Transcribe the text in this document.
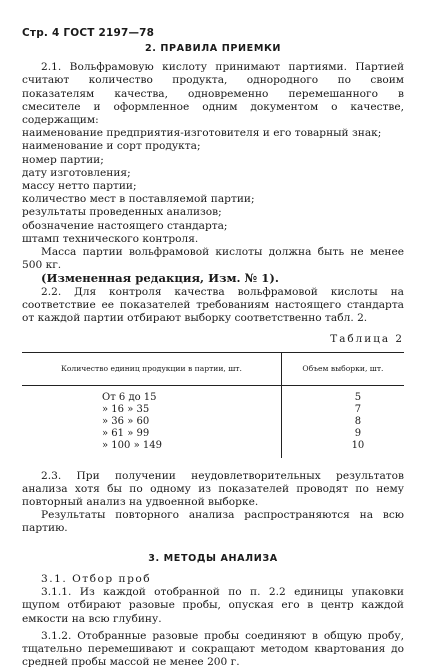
Стр. 4 ГОСТ 2197—78
2. ПРАВИЛА ПРИЕМКИ

2.1. Вольфрамовую кислоту принимают партиями. Партией считают количество продукта, однородного по своим показателям качества, одновременно перемешанного в смесителе и оформленное одним документом о качестве, содержащим:

наименование предприятия-изготовителя и его товарный знак;

наименование и сорт продукта;

номер партии;

дату изготовления;

массу нетто партии;

количество мест в поставляемой партии;

результаты проведенных анализов;

обозначение настоящего стандарта;

штамп технического контроля.

Масса партии вольфрамовой кислоты должна быть не менее 500 кг.

(Измененная редакция, Изм. № 1).

2.2. Для контроля качества вольфрамовой кислоты на соответствие ее показателей требованиям настоящего стандарта от каждой партии отбирают выборку соответственно табл. 2.

Таблица 2
Количество единиц продукции в партии, шт.	Объем выборки, шт.
От 6 до 15	5
» 16 » 35	7
» 36 » 60	8
» 61 » 99	9
» 100 » 149	10

2.3. При получении неудовлетворительных результатов анализа хотя бы по одному из показателей проводят по нему повторный анализ на удвоенной выборке.

Результаты повторного анализа распространяются на всю партию.

3. МЕТОДЫ АНАЛИЗА

3.1. Отбор проб

3.1.1. Из каждой отобранной по п. 2.2 единицы упаковки щупом отбирают разовые пробы, опуская его в центр каждой емкости на всю глубину.

3.1.2. Отобранные разовые пробы соединяют в общую пробу, тщательно перемешивают и сокращают методом квартования до средней пробы массой не менее 200 г.
